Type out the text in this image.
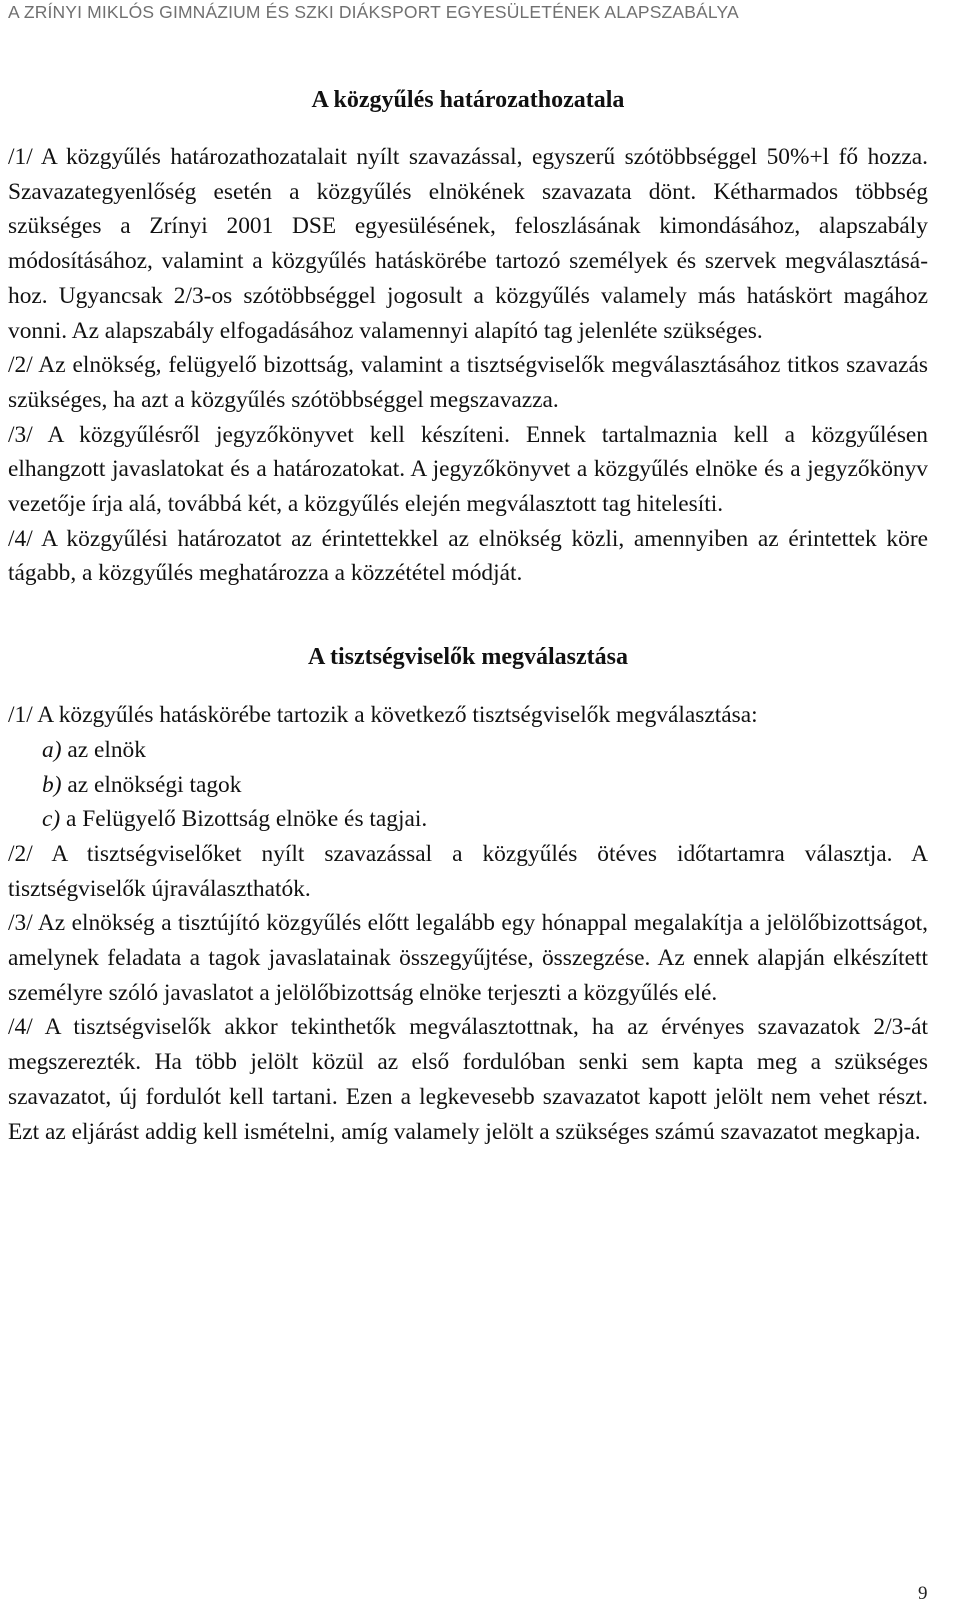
A ZRÍNYI MIKLÓS GIMNÁZIUM ÉS SZKI DIÁKSPORT EGYESÜLETÉNEK ALAPSZABÁLYA
A közgyűlés határozathozatala

/1/ A közgyűlés határozathozatalait nyílt szavazással, egyszerű szótöbbséggel 50%+l fő hozza. Szavazategyenlőség esetén a közgyűlés elnökének szavazata dönt. Kétharmados többség szükséges a Zrínyi 2001 DSE egyesülésének, feloszlásának kimondásához, alapszabály módosításához, valamint a közgyűlés hatáskörébe tartozó személyek és szervek megválasztásához. Ugyancsak 2/3-os szótöbbséggel jogosult a közgyűlés valamely más hatáskört magához vonni. Az alapszabály elfogadásához valamennyi alapító tag jelenléte szükséges.

/2/ Az elnökség, felügyelő bizottság, valamint a tisztségviselők megválasztásához titkos szavazás szükséges, ha azt a közgyűlés szótöbbséggel megszavazza.

/3/ A közgyűlésről jegyzőkönyvet kell készíteni. Ennek tartalmaznia kell a közgyűlésen elhangzott javaslatokat és a határozatokat. A jegyzőkönyvet a közgyűlés elnöke és a jegyzőkönyv vezetője írja alá, továbbá két, a közgyűlés elején megválasztott tag hitelesíti.

/4/ A közgyűlési határozatot az érintettekkel az elnökség közli, amennyiben az érintettek köre tágabb, a közgyűlés meghatározza a közzététel módját.

A tisztségviselők megválasztása

/1/ A közgyűlés hatáskörébe tartozik a következő tisztségviselők megválasztása:

a) az elnök
b) az elnökségi tagok
c) a Felügyelő Bizottság elnöke és tagjai.

/2/ A tisztségviselőket nyílt szavazással a közgyűlés ötéves időtartamra választja. A tisztségviselők újraválaszthatók.

/3/ Az elnökség a tisztújító közgyűlés előtt legalább egy hónappal megalakítja a jelölőbizottságot, amelynek feladata a tagok javaslatainak összegyűjtése, összegzése. Az ennek alapján elkészített személyre szóló javaslatot a jelölőbizottság elnöke terjeszti a közgyűlés elé.

/4/ A tisztségviselők akkor tekinthetők megválasztottnak, ha az érvényes szavazatok 2/3-át megszerezték. Ha több jelölt közül az első fordulóban senki sem kapta meg a szükséges szavazatot, új fordulót kell tartani. Ezen a legkevesebb szavazatot kapott jelölt nem vehet részt. Ezt az eljárást addig kell ismételni, amíg valamely jelölt a szükséges számú szavazatot megkapja.

9
